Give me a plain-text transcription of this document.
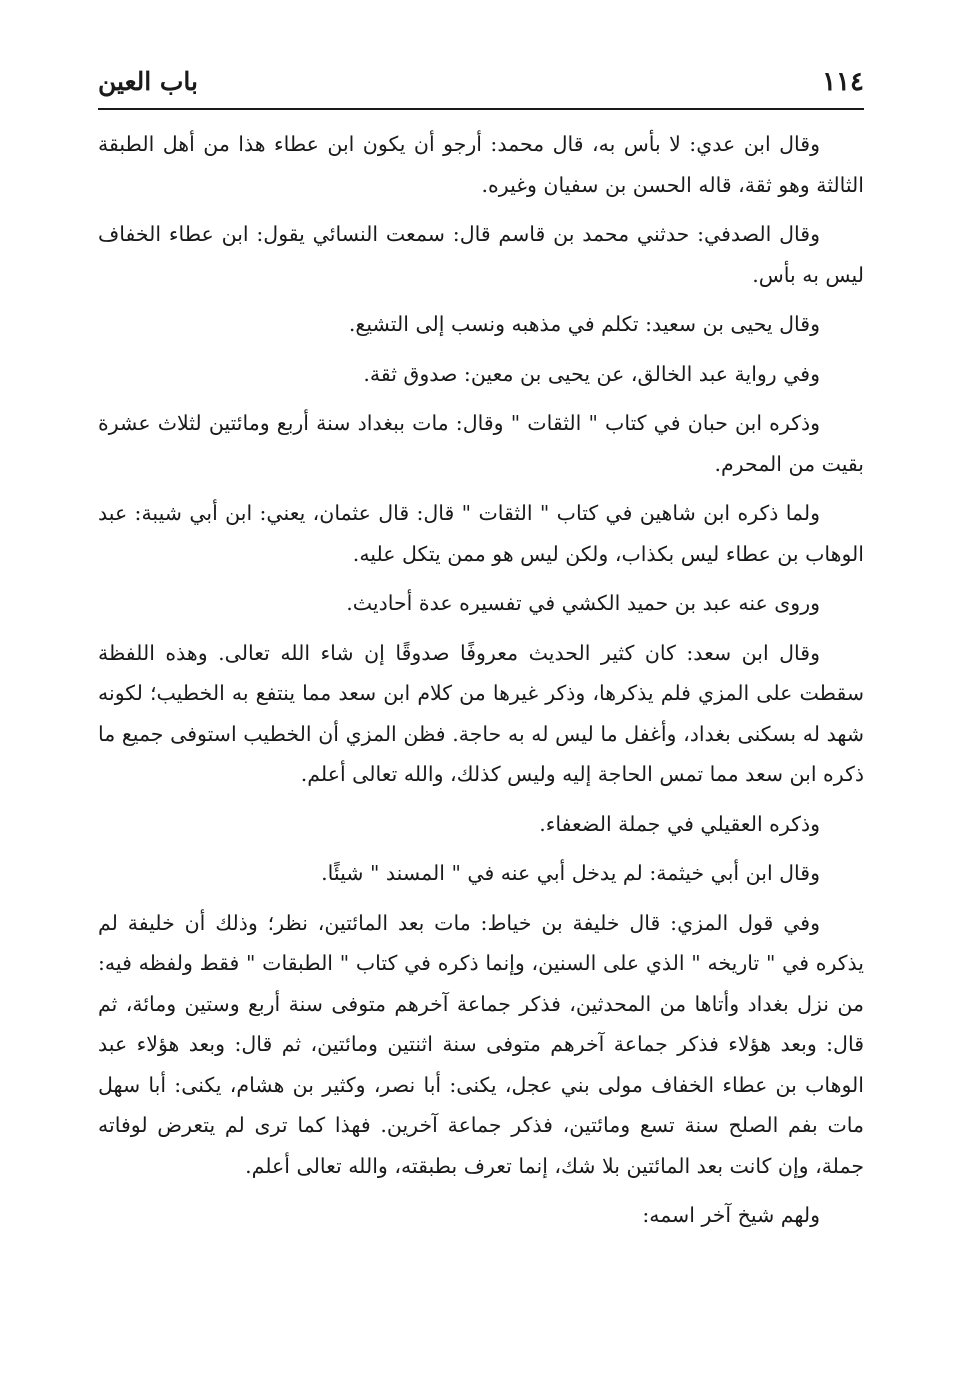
١١٤
باب العين

وقال ابن عدي: لا بأس به، قال محمد: أرجو أن يكون ابن عطاء هذا من أهل الطبقة الثالثة وهو ثقة، قاله الحسن بن سفيان وغيره.

وقال الصدفي: حدثني محمد بن قاسم قال: سمعت النسائي يقول: ابن عطاء الخفاف ليس به بأس.

وقال يحيى بن سعيد: تكلم في مذهبه ونسب إلى التشيع.

وفي رواية عبد الخالق، عن يحيى بن معين: صدوق ثقة.

وذكره ابن حبان في كتاب " الثقات " وقال: مات ببغداد سنة أربع ومائتين لثلاث عشرة بقيت من المحرم.

ولما ذكره ابن شاهين في كتاب " الثقات " قال: قال عثمان، يعني: ابن أبي شيبة: عبد الوهاب بن عطاء ليس بكذاب، ولكن ليس هو ممن يتكل عليه.

وروى عنه عبد بن حميد الكشي في تفسيره عدة أحاديث.

وقال ابن سعد: كان كثير الحديث معروفًا صدوقًا إن شاء الله تعالى. وهذه اللفظة سقطت على المزي فلم يذكرها، وذكر غيرها من كلام ابن سعد مما ينتفع به الخطيب؛ لكونه شهد له بسكنى بغداد، وأغفل ما ليس له به حاجة. فظن المزي أن الخطيب استوفى جميع ما ذكره ابن سعد مما تمس الحاجة إليه وليس كذلك، والله تعالى أعلم.

وذكره العقيلي في جملة الضعفاء.

وقال ابن أبي خيثمة: لم يدخل أبي عنه في " المسند " شيئًا.

وفي قول المزي: قال خليفة بن خياط: مات بعد المائتين، نظر؛ وذلك أن خليفة لم يذكره في " تاريخه " الذي على السنين، وإنما ذكره في كتاب " الطبقات " فقط ولفظه فيه: من نزل بغداد وأتاها من المحدثين، فذكر جماعة آخرهم متوفى سنة أربع وستين ومائة، ثم قال: وبعد هؤلاء فذكر جماعة آخرهم متوفى سنة اثنتين ومائتين، ثم قال: وبعد هؤلاء عبد الوهاب بن عطاء الخفاف مولى بني عجل، يكنى: أبا نصر، وكثير بن هشام، يكنى: أبا سهل مات بفم الصلح سنة تسع ومائتين، فذكر جماعة آخرين. فهذا كما ترى لم يتعرض لوفاته جملة، وإن كانت بعد المائتين بلا شك، إنما تعرف بطبقته، والله تعالى أعلم.

ولهم شيخ آخر اسمه:
